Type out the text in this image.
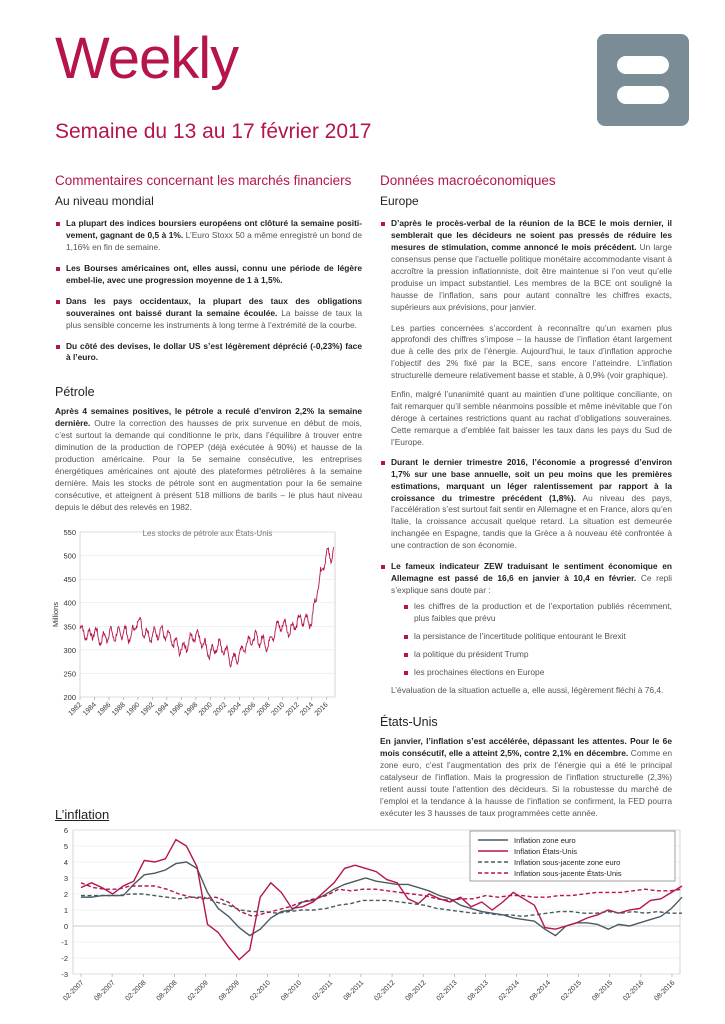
Weekly
Semaine du 13 au 17 février 2017
Commentaires concernant les marchés financiers
Au niveau mondial
La plupart des indices boursiers européens ont clôturé la semaine positi-vement, gagnant de 0,5 à 1%. L’Euro Stoxx 50 a même enregistré un bond de 1,16% en fin de semaine.
Les Bourses américaines ont, elles aussi, connu une période de légère embel-lie, avec une progression moyenne de 1 à 1,5%.
Dans les pays occidentaux, la plupart des taux des obligations souveraines ont baissé durant la semaine écoulée. La baisse de taux la plus sensible concerne les instruments à long terme à l’extrémité de la courbe.
Du côté des devises, le dollar US s’est légèrement déprécié (-0,23%) face à l’euro.
Pétrole

Après 4 semaines positives, le pétrole a reculé d’environ 2,2% la semaine dernière. Outre la correction des hausses de prix survenue en début de mois, c’est surtout la demande qui conditionne le prix, dans l’équilibre à trouver entre diminution de la production de l’OPEP (déjà exécutée à 90%) et hausse de la production américaine. Pour la 5e semaine consécutive, les entreprises énergétiques américaines ont ajouté des plateformes pétrolières à la semaine dernière. Mais les stocks de pétrole sont en augmentation pour la 6e semaine consécutive, et atteignent à présent 518 millions de barils – le plus haut niveau depuis le début des relevés en 1982.

200
250
300
350
400
450
500
550
1982
1984
1986
1988
1990
1992
1994
1996
1998
2000
2002
2004
2006
2008
2010
2012
2014
2016
Millions
Les stocks de pétrole aux États-Unis
Données macroéconomiques
Europe
D’après le procès-verbal de la réunion de la BCE le mois dernier, il semblerait que les décideurs ne soient pas pressés de réduire les mesures de stimulation, comme annoncé le mois précédent. Un large consensus pense que l’actuelle politique monétaire accommodante visant à accroître la pression inflationniste, doit être maintenue si l’on veut qu’elle produise un impact substantiel. Les membres de la BCE ont souligné la hausse de l’inflation, sans pour autant connaître les chiffres exacts, supérieurs aux prévisions, pour janvier.

Les parties concernées s’accordent à reconnaître qu’un examen plus approfondi des chiffres s’impose – la hausse de l’inflation étant largement due à celle des prix de l’énergie. Aujourd’hui, le taux d’inflation approche l’objectif des 2% fixé par la BCE, sans encore l’atteindre. L’inflation structurelle demeure relativement basse et stable, à 0,9% (voir graphique).

Enfin, malgré l’unanimité quant au maintien d’une politique conciliante, on fait remarquer qu’il semble néanmoins possible et même inévitable que l’on déroge à certaines restrictions quant au rachat d’obligations souveraines. Cette remarque a d’emblée fait baisser les taux dans les pays du Sud de l’Europe.

Durant le dernier trimestre 2016, l’économie a progressé d’environ 1,7% sur une base annuelle, soit un peu moins que les premières estimations, marquant un léger ralentissement par rapport à la croissance du trimestre précédent (1,8%). Au niveau des pays, l’accélération s’est surtout fait sentir en Allemagne et en France, alors qu’en Italie, la croissance accusait quelque retard. La situation est demeurée inchangée en Espagne, tandis que la Grèce a à nouveau été confrontée à une contraction de son économie.
Le fameux indicateur ZEW traduisant le sentiment économique en Allemagne est passé de 16,6 en janvier à 10,4 en février. Ce repli s’explique sans doute par :
les chiffres de la production et de l’exportation publiés récemment, plus faibles que prévu
la persistance de l’incertitude politique entourant le Brexit
la politique du président Trump
les prochaines élections en Europe

L’évaluation de la situation actuelle a, elle aussi, légèrement fléchi à 76,4.

États-Unis

En janvier, l’inflation s’est accélérée, dépassant les attentes. Pour le 6e mois consécutif, elle a atteint 2,5%, contre 2,1% en décembre. Comme en zone euro, c’est l’augmentation des prix de l’énergie qui a été le principal catalyseur de l’inflation. Mais la progression de l’inflation structurelle (2,3%) retient aussi toute l’attention des décideurs. Si la robustesse du marché de l’emploi et la tendance à la hausse de l’inflation se confirment, la FED pourra exécuter les 3 hausses de taux programmées cette année.

L’inflation
-3
-2
-1
0
1
2
3
4
5
6
02-2007 08-2007 02-2008 08-2008 02-2009 08-2009 02-2010 08-2010 02-2011 08-2011 02-2012 08-2012 02-2013 08-2013 02-2014 08-2014 02-2015 08-2015 02-2016 08-2016
Inflation zone euro
Inflation États-Unis
Inflation sous-jacente zone euro
Inflation sous-jacente États-Unis
